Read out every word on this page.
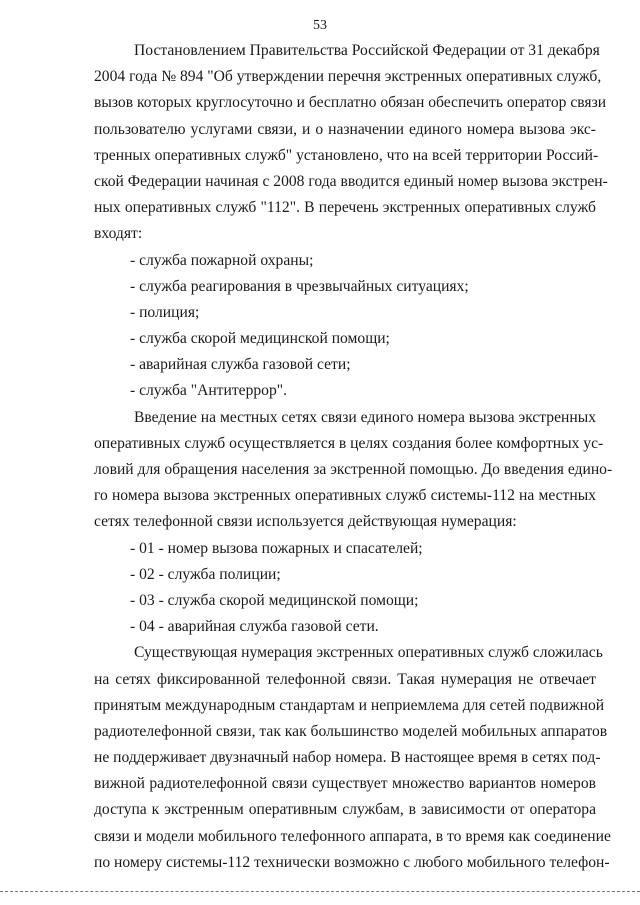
53
Постановлением Правительства Российской Федерации от 31 декабря
2004 года № 894 "Об утверждении перечня экстренных оперативных служб,
вызов которых круглосуточно и бесплатно обязан обеспечить оператор связи
пользователю услугами связи, и о назначении единого номера вызова экс-
тренных оперативных служб" установлено, что на всей территории Россий-
ской Федерации начиная с 2008 года вводится единый номер вызова экстрен-
ных оперативных служб "112". В перечень экстренных оперативных служб
входят:
- служба пожарной охраны;
- служба реагирования в чрезвычайных ситуациях;
- полиция;
- служба скорой медицинской помощи;
- аварийная служба газовой сети;
- служба "Антитеррор".
Введение на местных сетях связи единого номера вызова экстренных
оперативных служб осуществляется в целях создания более комфортных ус-
ловий для обращения населения за экстренной помощью. До введения едино-
го номера вызова экстренных оперативных служб системы-112 на местных
сетях телефонной связи используется действующая нумерация:
- 01 - номер вызова пожарных и спасателей;
- 02 - служба полиции;
- 03 - служба скорой медицинской помощи;
- 04 - аварийная служба газовой сети.
Существующая нумерация экстренных оперативных служб сложилась
на сетях фиксированной телефонной связи. Такая нумерация не отвечает
принятым международным стандартам и неприемлема для сетей подвижной
радиотелефонной связи, так как большинство моделей мобильных аппаратов
не поддерживает двузначный набор номера. В настоящее время в сетях под-
вижной радиотелефонной связи существует множество вариантов номеров
доступа к экстренным оперативным службам, в зависимости от оператора
связи и модели мобильного телефонного аппарата, в то время как соединение
по номеру системы-112 технически возможно с любого мобильного телефон-
